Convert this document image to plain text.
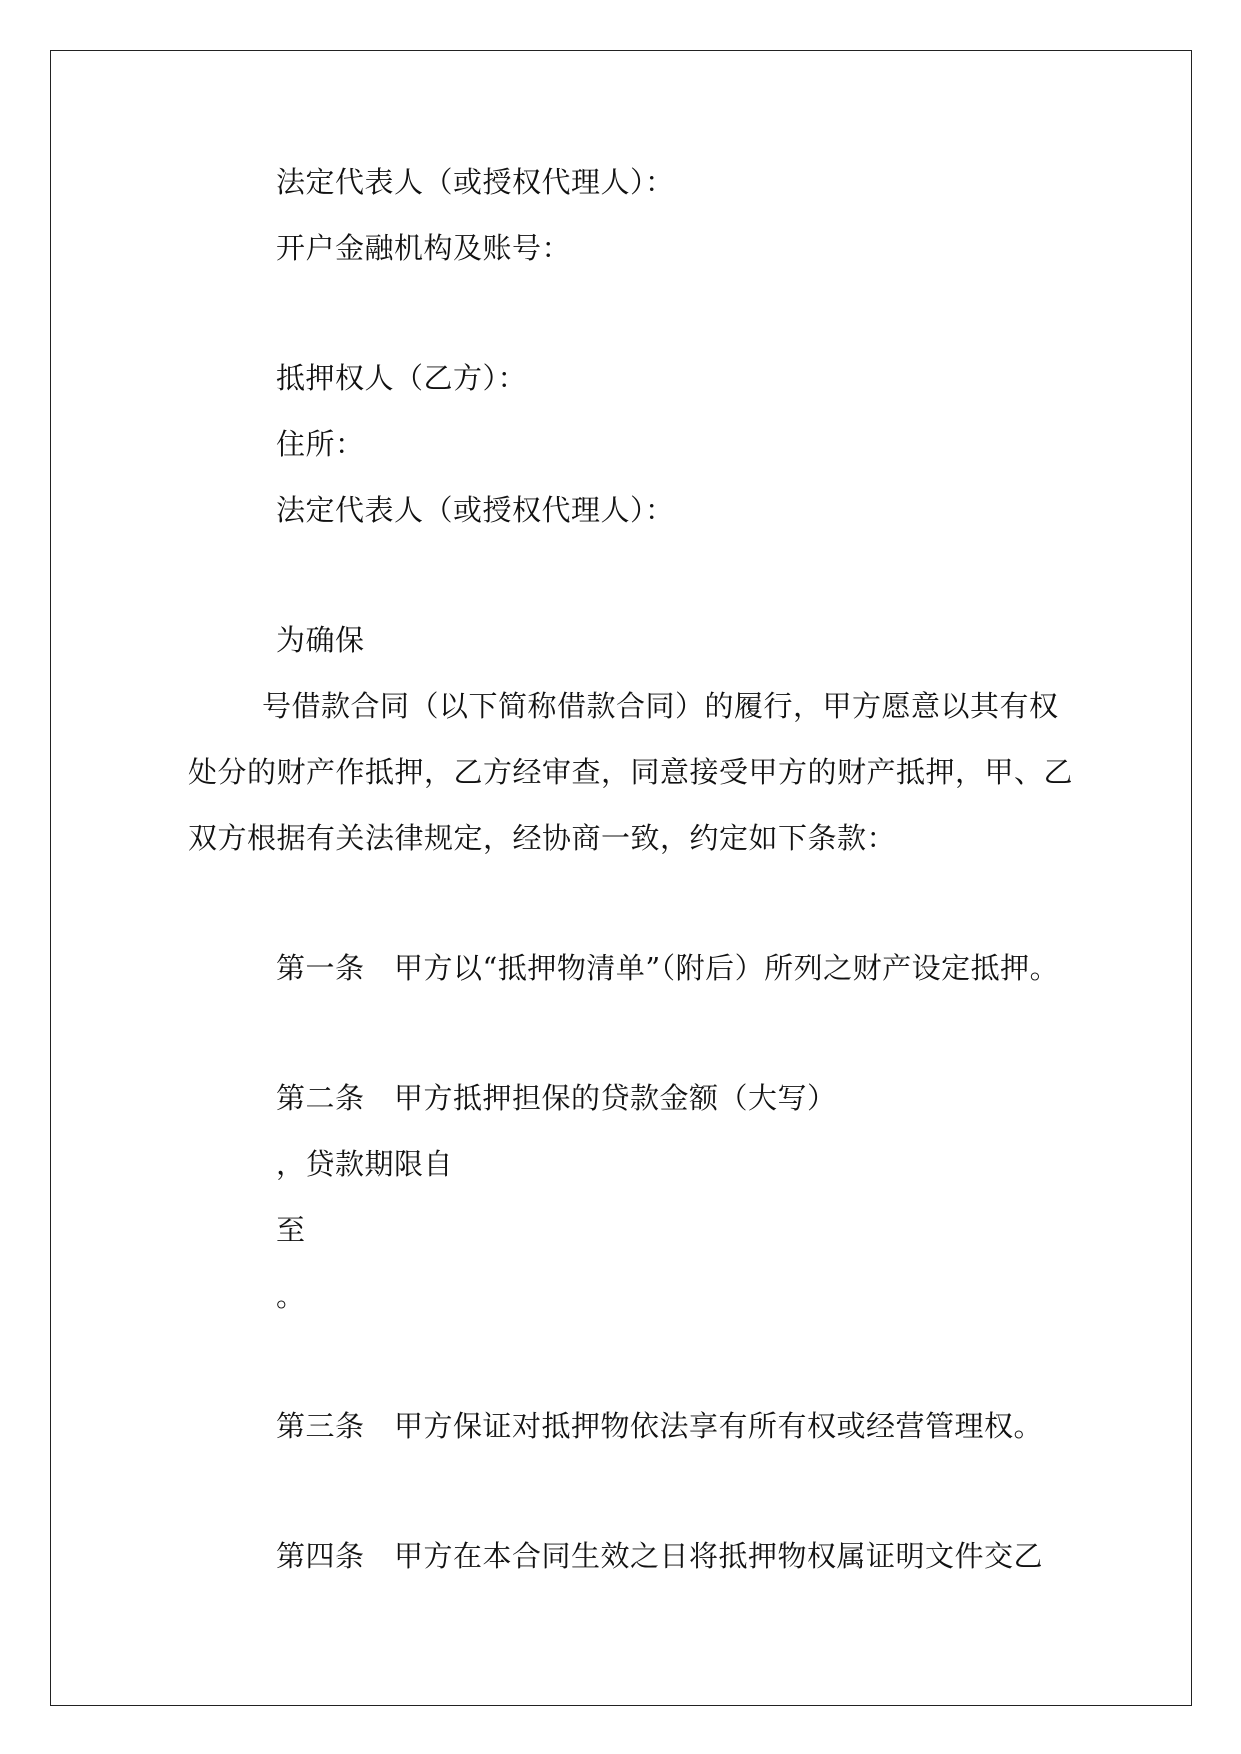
法定代表人（或授权代理人）：
开户金融机构及账号：
抵押权人（乙方）：
住所：
法定代表人（或授权代理人）：
为确保
号借款合同（以下简称借款合同）的履行，甲方愿意以其有权
处分的财产作抵押，乙方经审查，同意接受甲方的财产抵押，甲、乙
双方根据有关法律规定，经协商一致，约定如下条款：
第一条　甲方以“抵押物清单”（附后）所列之财产设定抵押。
第二条　甲方抵押担保的贷款金额（大写）
，贷款期限自
至
。
第三条　甲方保证对抵押物依法享有所有权或经营管理权。
第四条　甲方在本合同生效之日将抵押物权属证明文件交乙
